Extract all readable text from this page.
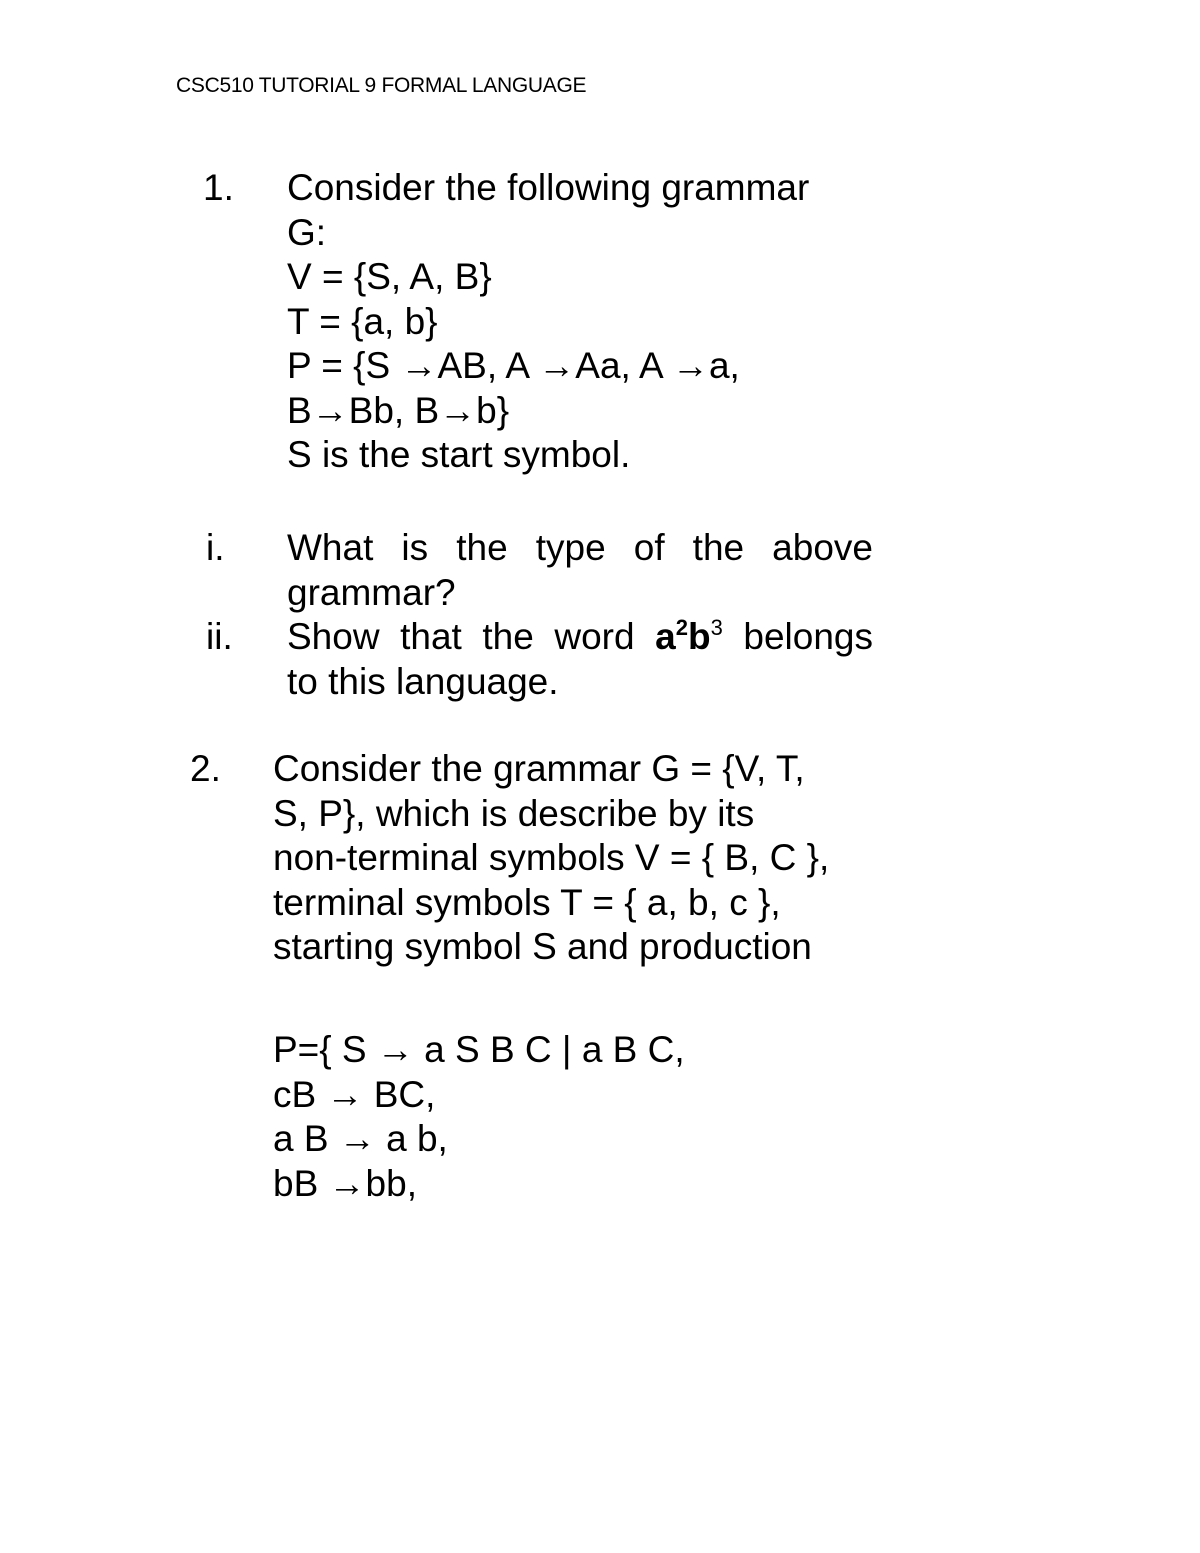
CSC510 TUTORIAL 9 FORMAL LANGUAGE
1. Consider the following grammar
G:
V = {S, A, B}
T = {a, b}
P = {S →AB, A →Aa, A →a,
B→Bb, B→b}
S is the start symbol.
i. What is the type of the above
grammar?
ii. Show that the word $a^2b^3$ belongs
to this language.
2. Consider the grammar G = {V, T,
S, P}, which is describe by its
non-terminal symbols V = { B, C },
terminal symbols T = { a, b, c },
starting symbol S and production
P={ S → a S B C | a B C,
cB → BC,
a B → a b,
bB →bb,
